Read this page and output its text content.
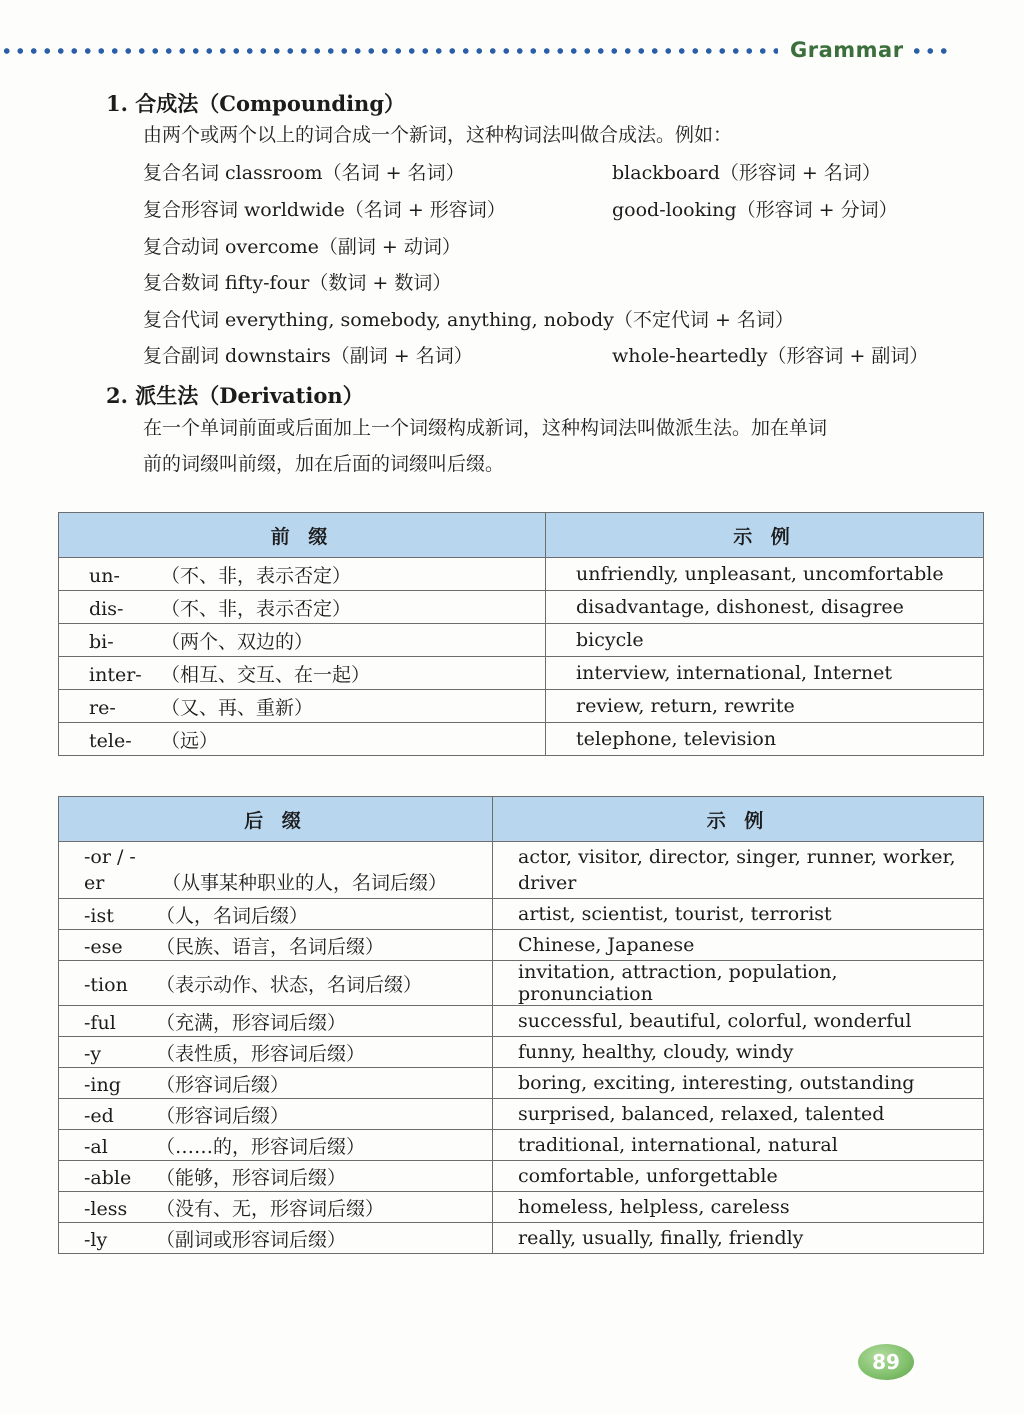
Grammar
1. 合成法（Compounding）
由两个或两个以上的词合成一个新词，这种构词法叫做合成法。例如：
复合名词 classroom（名词 + 名词）	blackboard（形容词 + 名词）
复合形容词 worldwide（名词 + 形容词）	good-looking（形容词 + 分词）
复合动词 overcome（副词 + 动词）
复合数词 fifty-four（数词 + 数词）
复合代词 everything, somebody, anything, nobody（不定代词 + 名词）
复合副词 downstairs（副词 + 名词）	whole-heartedly（形容词 + 副词）
2. 派生法（Derivation）
在一个单词前面或后面加上一个词缀构成新词，这种构词法叫做派生法。加在单词
前的词缀叫前缀，加在后面的词缀叫后缀。
前 缀	示 例
un- （不、非，表示否定）	unfriendly, unpleasant, uncomfortable
dis- （不、非，表示否定）	disadvantage, dishonest, disagree
bi- （两个、双边的）	bicycle
inter- （相互、交互、在一起）	interview, international, Internet
re- （又、再、重新）	review, return, rewrite
tele- （远）	telephone, television
后 缀	示 例
-or / -er （从事某种职业的人，名词后缀）	actor, visitor, director, singer, runner, worker, driver
-ist （人，名词后缀）	artist, scientist, tourist, terrorist
-ese （民族、语言，名词后缀）	Chinese, Japanese
-tion （表示动作、状态，名词后缀）	invitation, attraction, population, pronunciation
-ful （充满，形容词后缀）	successful, beautiful, colorful, wonderful
-y （表性质，形容词后缀）	funny, healthy, cloudy, windy
-ing （形容词后缀）	boring, exciting, interesting, outstanding
-ed （形容词后缀）	surprised, balanced, relaxed, talented
-al （……的，形容词后缀）	traditional, international, natural
-able （能够，形容词后缀）	comfortable, unforgettable
-less （没有、无，形容词后缀）	homeless, helpless, careless
-ly （副词或形容词后缀）	really, usually, finally, friendly
89
